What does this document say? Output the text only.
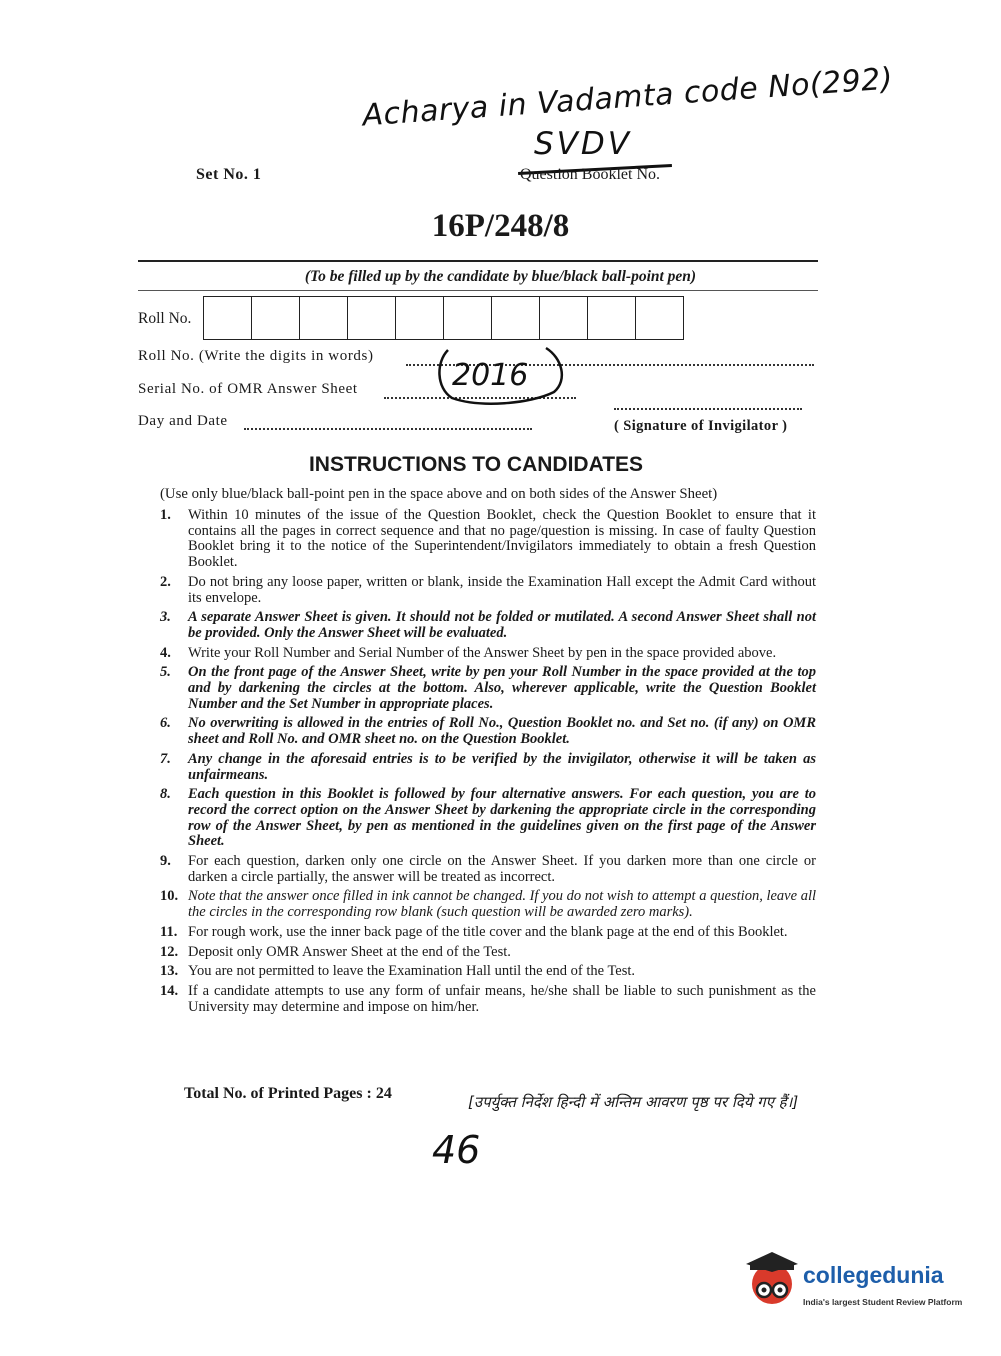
Acharya in Vadamta code No(292)
SVDV
Set No. 1	Question Booklet No.
16P/248/8
(To be filled up by the candidate by blue/black ball-point pen)
Roll No.
Roll No. (Write the digits in words)
Serial No. of OMR Answer Sheet
Day and Date	( Signature of Invigilator )
2016
INSTRUCTIONS TO CANDIDATES
(Use only blue/black ball-point pen in the space above and on both sides of the Answer Sheet)
1.	Within 10 minutes of the issue of the Question Booklet, check the Question Booklet to ensure that it contains all the pages in correct sequence and that no page/question is missing. In case of faulty Question Booklet bring it to the notice of the Superintendent/Invigilators immediately to obtain a fresh Question Booklet.
2.	Do not bring any loose paper, written or blank, inside the Examination Hall except the Admit Card without its envelope.
3.	A separate Answer Sheet is given. It should not be folded or mutilated. A second Answer Sheet shall not be provided. Only the Answer Sheet will be evaluated.
4.	Write your Roll Number and Serial Number of the Answer Sheet by pen in the space provided above.
5.	On the front page of the Answer Sheet, write by pen your Roll Number in the space provided at the top and by darkening the circles at the bottom. Also, wherever applicable, write the Question Booklet Number and the Set Number in appropriate places.
6.	No overwriting is allowed in the entries of Roll No., Question Booklet no. and Set no. (if any) on OMR sheet and Roll No. and OMR sheet no. on the Question Booklet.
7.	Any change in the aforesaid entries is to be verified by the invigilator, otherwise it will be taken as unfairmeans.
8.	Each question in this Booklet is followed by four alternative answers. For each question, you are to record the correct option on the Answer Sheet by darkening the appropriate circle in the corresponding row of the Answer Sheet, by pen as mentioned in the guidelines given on the first page of the Answer Sheet.
9.	For each question, darken only one circle on the Answer Sheet. If you darken more than one circle or darken a circle partially, the answer will be treated as incorrect.
10. Note that the answer once filled in ink cannot be changed. If you do not wish to attempt a question, leave all the circles in the corresponding row blank (such question will be awarded zero marks).
11. For rough work, use the inner back page of the title cover and the blank page at the end of this Booklet.
12. Deposit only OMR Answer Sheet at the end of the Test.
13. You are not permitted to leave the Examination Hall until the end of the Test.
14. If a candidate attempts to use any form of unfair means, he/she shall be liable to such punishment as the University may determine and impose on him/her.
Total No. of Printed Pages : 24	[उपर्युक्त निर्देश हिन्दी में अन्तिम आवरण पृष्ठ पर दिये गए हैं।]
46
collegedunia
India's largest Student Review Platform
